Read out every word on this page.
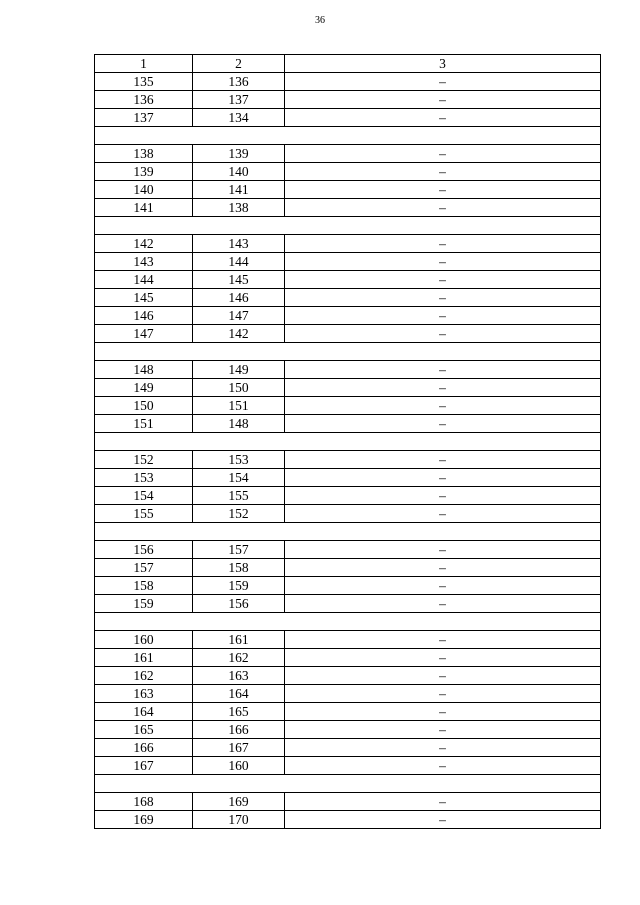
36
1	2	3
135	136	–
136	137	–
137	134	–

138	139	–
139	140	–
140	141	–
141	138	–

142	143	–
143	144	–
144	145	–
145	146	–
146	147	–
147	142	–

148	149	–
149	150	–
150	151	–
151	148	–

152	153	–
153	154	–
154	155	–
155	152	–

156	157	–
157	158	–
158	159	–
159	156	–

160	161	–
161	162	–
162	163	–
163	164	–
164	165	–
165	166	–
166	167	–
167	160	–

168	169	–
169	170	–
